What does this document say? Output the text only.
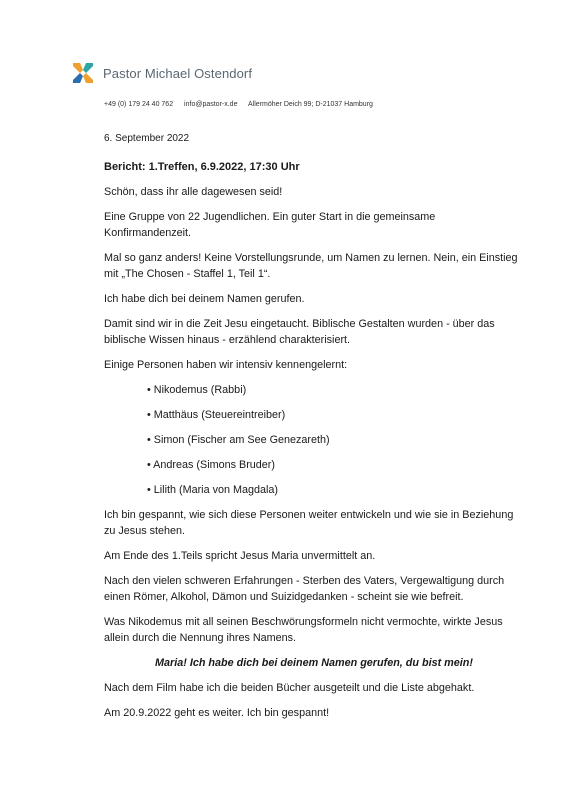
Pastor Michael Ostendorf
+49 (0) 179 24 40 762 info@pastor-x.de Allermöher Deich 99; D-21037 Hamburg

6. September 2022

Bericht: 1.Treffen, 6.9.2022, 17:30 Uhr

Schön, dass ihr alle dagewesen seid!

Eine Gruppe von 22 Jugendlichen. Ein guter Start in die gemeinsame Konfirmandenzeit.

Mal so ganz anders! Keine Vorstellungsrunde, um Namen zu lernen. Nein, ein Einstieg mit „The Chosen - Staffel 1, Teil 1“.

Ich habe dich bei deinem Namen gerufen.

Damit sind wir in die Zeit Jesu eingetaucht. Biblische Gestalten wurden - über das biblische Wissen hinaus - erzählend charakterisiert.

Einige Personen haben wir intensiv kennengelernt:

• Nikodemus (Rabbi)
• Matthäus (Steuereintreiber)
• Simon (Fischer am See Genezareth)
• Andreas (Simons Bruder)
• Lilith (Maria von Magdala)

Ich bin gespannt, wie sich diese Personen weiter entwickeln und wie sie in Beziehung zu Jesus stehen.

Am Ende des 1.Teils spricht Jesus Maria unvermittelt an.

Nach den vielen schweren Erfahrungen - Sterben des Vaters, Vergewaltigung durch einen Römer, Alkohol, Dämon und Suizidgedanken - scheint sie wie befreit.

Was Nikodemus mit all seinen Beschwörungsformeln nicht vermochte, wirkte Jesus allein durch die Nennung ihres Namens.

Maria! Ich habe dich bei deinem Namen gerufen, du bist mein!

Nach dem Film habe ich die beiden Bücher ausgeteilt und die Liste abgehakt.

Am 20.9.2022 geht es weiter. Ich bin gespannt!
